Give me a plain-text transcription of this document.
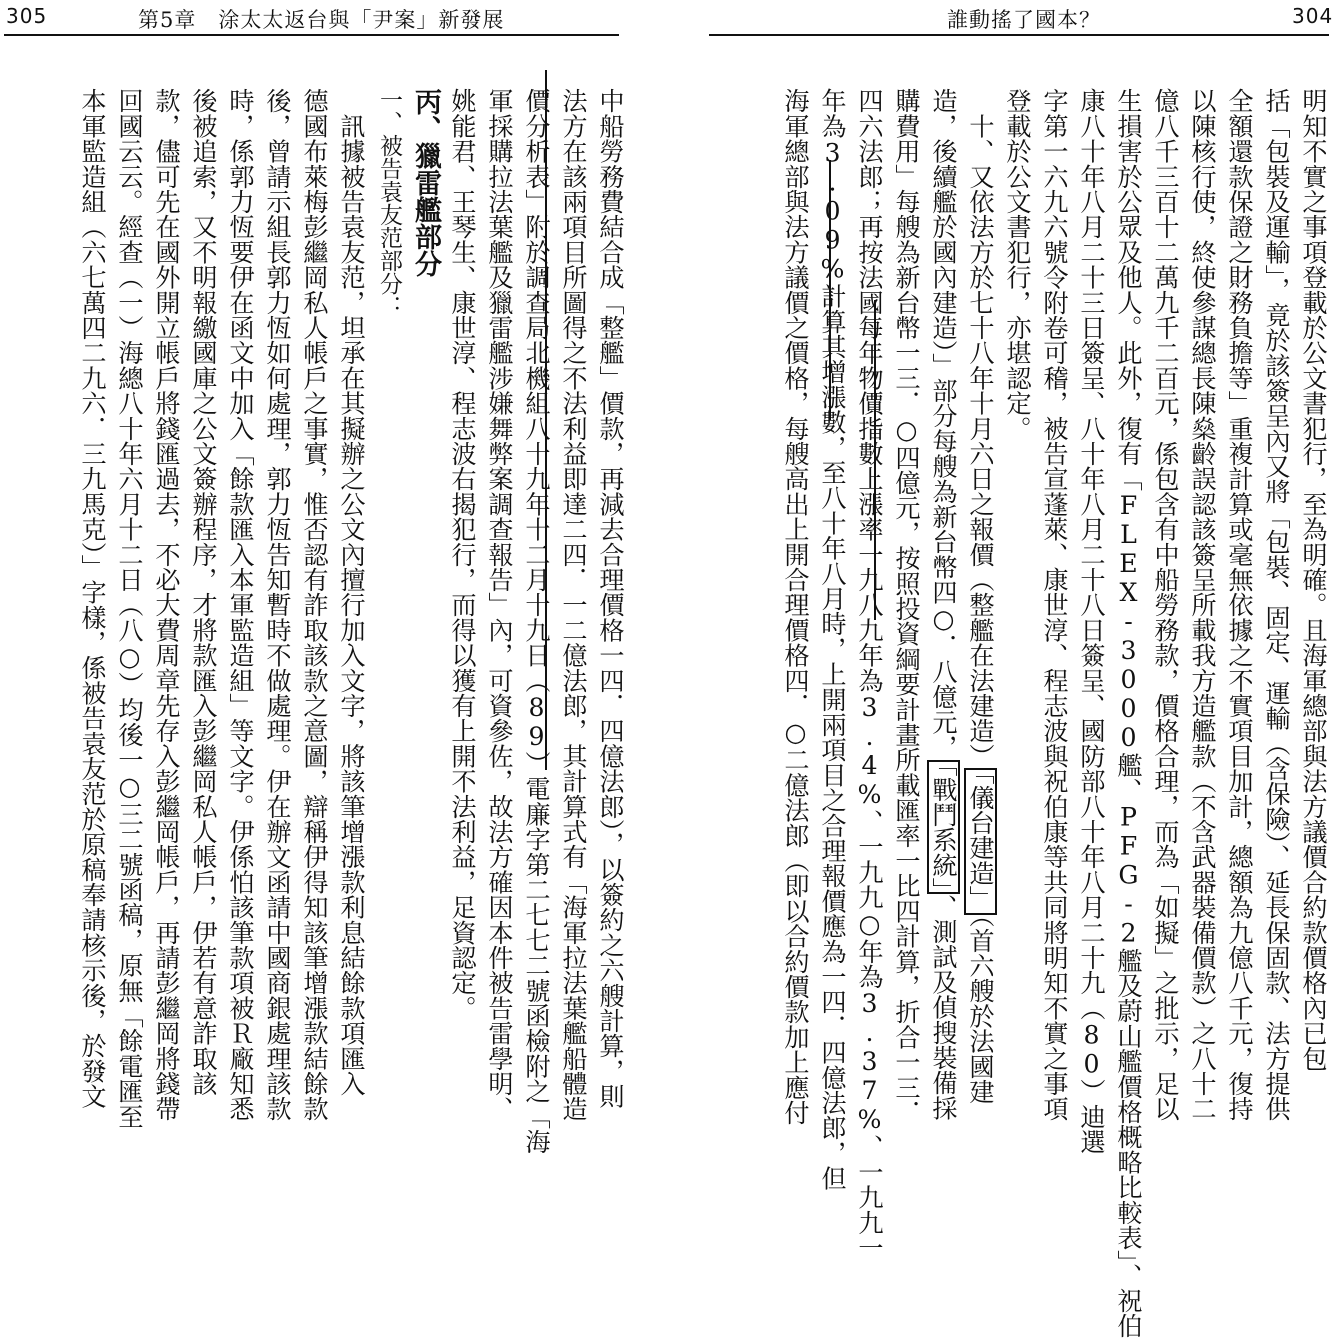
305	第5章　涂太太返台與「尹案」新發展
中船勞務費結合成「整艦」價款，再減去合理價格一四．四億法郎），以簽約之六艘計算，則
法方在該兩項目所圖得之不法利益即達二四．一二億法郎，其計算式有「海軍拉法葉艦船體造
價分析表」附於調查局北機組八十九年十二月十九日（89）電廉字第二七七二號函檢附之「海
軍採購拉法葉艦及獵雷艦涉嫌舞弊案調查報告」內，可資參佐，故法方確因本件被告雷學明、
姚能君、王琴生、康世淳、程志波右揭犯行，而得以獲有上開不法利益，足資認定。
丙、獵雷艦部分
一、被告袁友范部分：
　訊據被告袁友范，坦承在其擬辦之公文內擅行加入文字，將該筆增漲款利息結餘款項匯入
德國布萊梅彭繼岡私人帳戶之事實，惟否認有詐取該款之意圖，辯稱伊得知該筆增漲款結餘款
後，曾請示組長郭力恆如何處理，郭力恆告知暫時不做處理。伊在辦文函請中國商銀處理該款
時，係郭力恆要伊在函文中加入「餘款匯入本軍監造組」等文字。伊係怕該筆款項被Ｒ廠知悉
後被追索，又不明報繳國庫之公文簽辦程序，才將款匯入彭繼岡私人帳戶，伊若有意詐取該
款，儘可先在國外開立帳戶將錢匯過去，不必大費周章先存入彭繼岡帳戶，再請彭繼岡將錢帶
回國云云。經查（一）海總八十年六月十二日（八○）均後一○三二號函稿，原無「餘電匯至
本軍監造組（六七萬四二九六．三九馬克）」字樣，係被告袁友范於原稿奉請核示後，於發文
誰動搖了國本？	304
明知不實之事項登載於公文書犯行，至為明確。且海軍總部與法方議價合約款價格內已包
括「包裝及運輸」，竟於該簽呈內又將「包裝、固定、運輸（含保險）、延長保固款、法方提供
全額還款保證之財務負擔等」重複計算或毫無依據之不實項目加計，總額為九億八千元，復持
以陳核行使，終使參謀總長陳燊齡誤認該簽呈所載我方造艦款（不含武器裝備價款）之八十二
億八千三百十二萬九千二百元，係包含有中船勞務款，價格合理，而為「如擬」之批示，足以
生損害於公眾及他人。此外，復有「FLEX-3000艦、PFG-2艦及蔚山艦價格概略比較表」、祝伯
康八十年八月二十三日簽呈、八十年八月二十八日簽呈、國防部八十年八月二十九（80）迪選
字第一六九六號令附卷可稽，被告宣蓬萊、康世淳、程志波與祝伯康等共同將明知不實之事項
登載於公文書犯行，亦堪認定。
　十、又依法方於七十八年十月六日之報價（整艦在法建造）「儀台建造」（首六艘於法國建
造，後續艦於國內建造）」部分每艘為新台幣四○．八億元，「戰鬥系統」、測試及偵搜裝備採
購費用」每艘為新台幣一三．○四億元，按照投資綱要計畫所載匯率一比四計算，折合一三．
四六法郎；再按法國每年物價指數上漲率一九八九年為3.4%、一九九○年為3.37%、一九九一
年為3.09%計算其增漲數，至八十年八月時，上開兩項目之合理報價應為一四．四億法郎，但
海軍總部與法方議價之價格，每艘高出上開合理價格四．○二億法郎（即以合約價款加上應付
